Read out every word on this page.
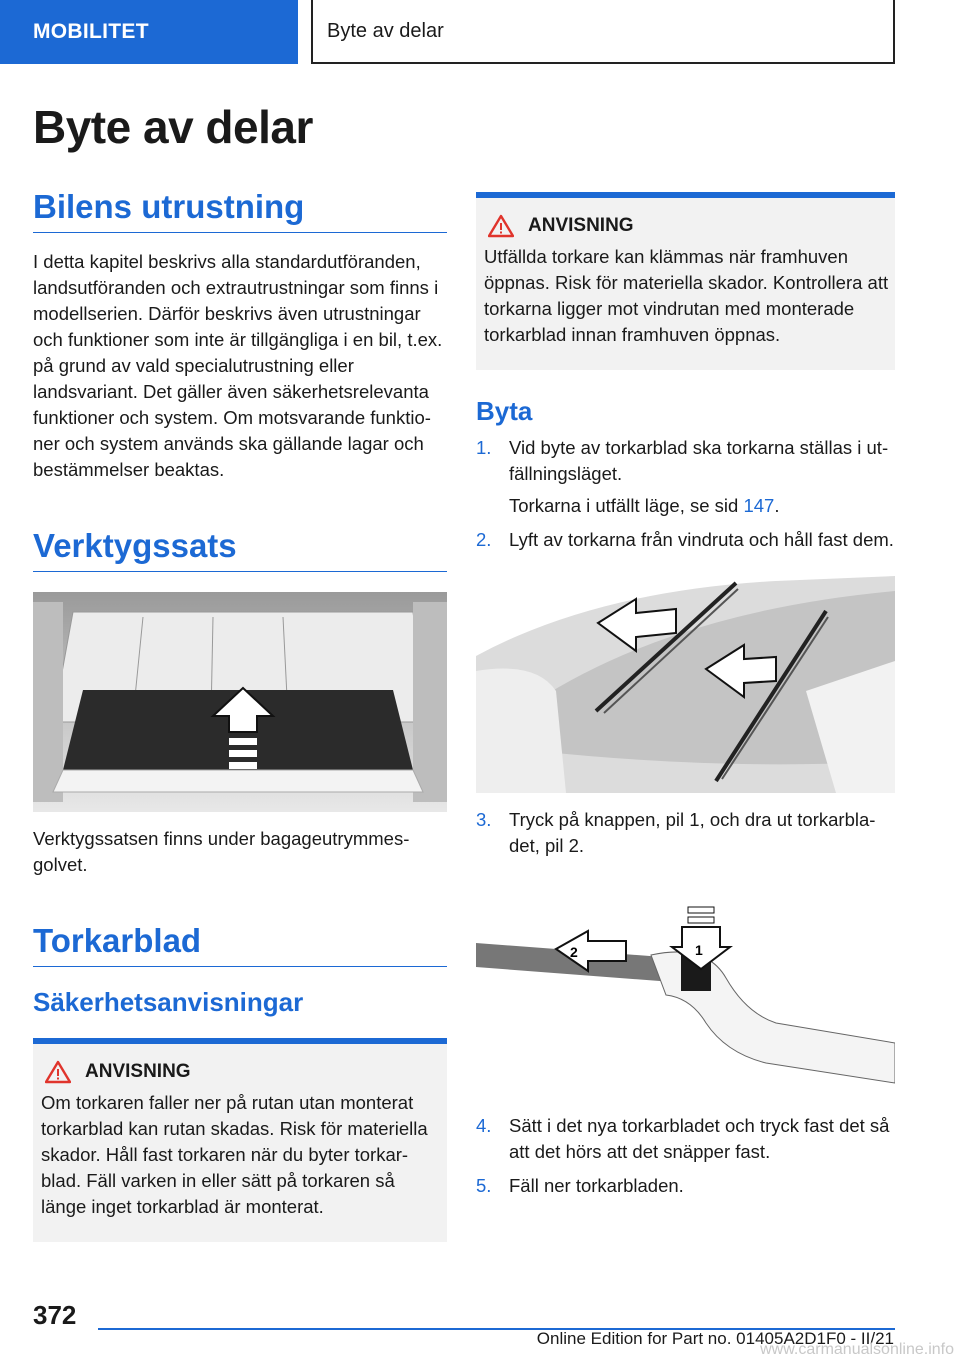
MOBILITET	Byte av delar
Byte av delar
Bilens utrustning

I detta kapitel beskrivs alla standardutföranden, landsutföranden och extrautrustningar som finns i modellserien. Därför beskrivs även utrustningar och funktioner som inte är tillgängliga i en bil, t.ex. på grund av vald specialutrustning eller landsvariant. Det gäller även säkerhetsrelevanta funktioner och system. Om motsvarande funktioner och system används ska gällande lagar och bestämmelser beaktas.

Verktygssats

Verktygssatsen finns under bagageutrymmesgolvet.

Torkarblad
Säkerhetsanvisningar
ANVISNING

Om torkaren faller ner på rutan utan monterat torkarblad kan rutan skadas. Risk för materiella skador. Håll fast torkaren när du byter torkarblad. Fäll varken in eller sätt på torkaren så länge inget torkarblad är monterat.

ANVISNING

Utfällda torkare kan klämmas när framhuven öppnas. Risk för materiella skador. Kontrollera att torkarna ligger mot vindrutan med monterade torkarblad innan framhuven öppnas.

Byta
1. Vid byte av torkarblad ska torkarna ställas i utfällningsläget.
Torkarna i utfällt läge, se sid 147.
2. Lyft av torkarna från vindruta och håll fast dem.
3. Tryck på knappen, pil 1, och dra ut torkarbladet, pil 2.
1
2
4. Sätt i det nya torkarbladet och tryck fast det så att det hörs att det snäpper fast.
5. Fäll ner torkarbladen.
372
Online Edition for Part no. 01405A2D1F0 - II/21
www.carmanualsonline.info
